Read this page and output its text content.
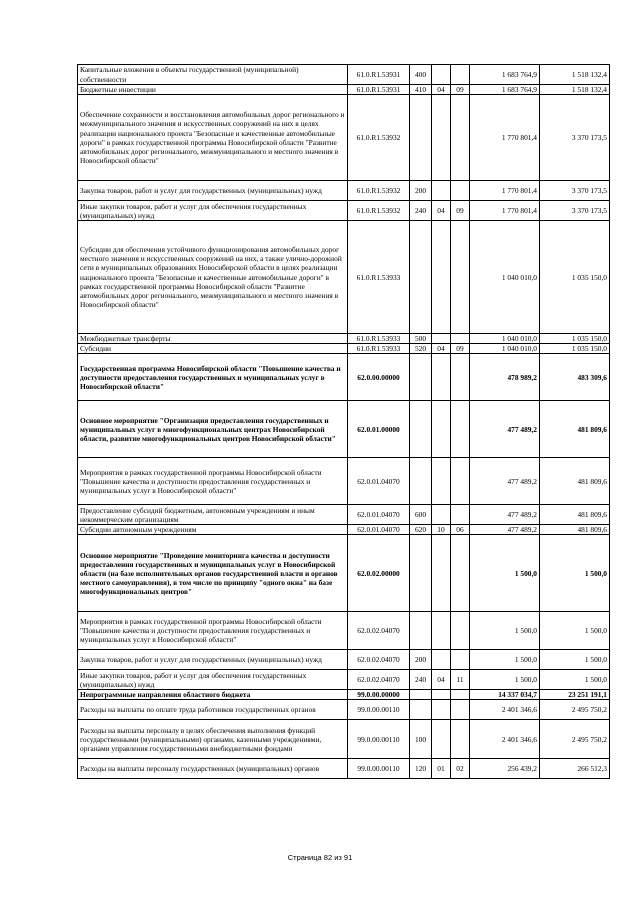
Капитальные вложения в объекты государственной (муниципальной) собственности	61.0.R1.53931	400			1 683 764,9	1 518 132,4
Бюджетные инвестиции	61.0.R1.53931	410	04	09	1 683 764,9	1 518 132,4
Обеспечение сохранности и восстановления автомобильных дорог регионального и межмуниципального значения и искусственных сооружений на них в целях реализации национального проекта "Безопасные и качественные автомобильные дороги" в рамках государственной программы Новосибирской области "Развитие автомобильных дорог регионального, межмуниципального и местного значения в Новосибирской области"	61.0.R1.53932				1 770 801,4	3 370 173,5
Закупка товаров, работ и услуг для государственных (муниципальных) нужд	61.0.R1.53932	200			1 770 801,4	3 370 173,5
Иные закупки товаров, работ и услуг для обеспечения государственных (муниципальных) нужд	61.0.R1.53932	240	04	09	1 770 801,4	3 370 173,5
Субсидии для обеспечения устойчивого функционирования автомобильных дорог местного значения и искусственных сооружений на них, а также улично-дорожной сети в муниципальных образованиях Новосибирской области в целях реализации национального проекта "Безопасные и качественные автомобильные дороги" в рамках государственной программы Новосибирской области "Развитие автомобильных дорог регионального, межмуниципального и местного значения в Новосибирской области"	61.0.R1.53933				1 040 010,0	1 035 150,0
Межбюджетные трансферты	61.0.R1.53933	500			1 040 010,0	1 035 150,0
Субсидии	61.0.R1.53933	520	04	09	1 040 010,0	1 035 150,0
Государственная программа Новосибирской области "Повышение качества и доступности предоставления государственных и муниципальных услуг в Новосибирской области"	62.0.00.00000				478 989,2	483 309,6
Основное мероприятие "Организация предоставления государственных и муниципальных услуг в многофункциональных центрах Новосибирской области, развитие многофункциональных центров Новосибирской области"	62.0.01.00000				477 489,2	481 809,6
Мероприятия в рамках государственной программы Новосибирской области "Повышение качества и доступности предоставления государственных и муниципальных услуг в Новосибирской области"	62.0.01.04070				477 489,2	481 809,6
Предоставление субсидий бюджетным, автономным учреждениям и иным некоммерческим организациям	62.0.01.04070	600			477 489,2	481 809,6
Субсидии автономным учреждениям	62.0.01.04070	620	10	06	477 489,2	481 809,6
Основное мероприятие "Проведение мониторинга качества и доступности предоставления государственных и муниципальных услуг в Новосибирской области (на базе исполнительных органов государственной власти и органов местного самоуправления), в том числе по принципу "одного окна" на базе многофункциональных центров"	62.0.02.00000				1 500,0	1 500,0
Мероприятия в рамках государственной программы Новосибирской области "Повышение качества и доступности предоставления государственных и муниципальных услуг в Новосибирской области"	62.0.02.04070				1 500,0	1 500,0
Закупка товаров, работ и услуг для государственных (муниципальных) нужд	62.0.02.04070	200			1 500,0	1 500,0
Иные закупки товаров, работ и услуг для обеспечения государственных (муниципальных) нужд	62.0.02.04070	240	04	11	1 500,0	1 500,0
Непрограммные направления областного бюджета	99.0.00.00000				14 337 034,7	23 251 191,1
Расходы на выплаты по оплате труда работников государственных органов	99.0.00.00110				2 401 346,6	2 495 750,2
Расходы на выплаты персоналу в целях обеспечения выполнения функций государственными (муниципальными) органами, казенными учреждениями, органами управления государственными внебюджетными фондами	99.0.00.00110	100			2 401 346,6	2 495 750,2
Расходы на выплаты персоналу государственных (муниципальных) органов	99.0.00.00110	120	01	02	256 439,2	266 512,3
Страница 82 из 91
